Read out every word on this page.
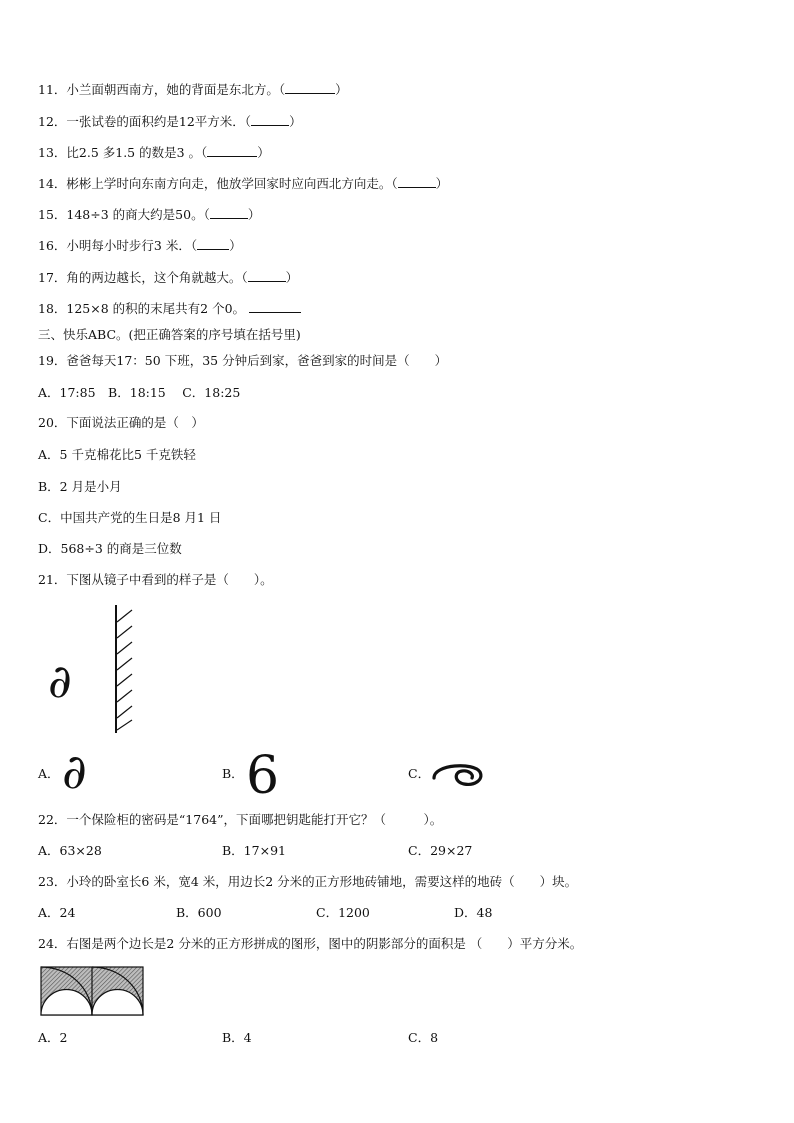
11．小兰面朝西南方，她的背面是东北方。（	）
12．一张试卷的面积约是12平方米．（	）
13．比2.5 多1.5 的数是3 。（	）
14．彬彬上学时向东南方向走，他放学回家时应向西北方向走。（	）
15．148÷3 的商大约是50。（	）
16．小明每小时步行3 米．（	）
17．角的两边越长，这个角就越大。（	）
18．125×8 的积的末尾共有2 个0。
三、快乐ABC。(把正确答案的序号填在括号里)
19．爸爸每天17：50 下班，35 分钟后到家，爸爸到家的时间是（　　）
A．17:85　B．18:15　 C．18:25
20．下面说法正确的是（　）
A．5 千克棉花比5 千克铁轻
B．2 月是小月
C．中国共产党的生日是8 月1 日
D．568÷3 的商是三位数
21．下图从镜子中看到的样子是（　　）。
∂
A． ∂	B． 6	C．
22．一个保险柜的密码是“1764”，下面哪把钥匙能打开它？（　　　）。
A．63×28	B．17×91	C．29×27
23．小玲的卧室长6 米，宽4 米，用边长2 分米的正方形地砖铺地，需要这样的地砖（　　）块。
A．24	B．600	C．1200	D．48
24．右图是两个边长是2 分米的正方形拼成的图形，图中的阴影部分的面积是 （　　）平方分米。
A．2	B．4	C．8
